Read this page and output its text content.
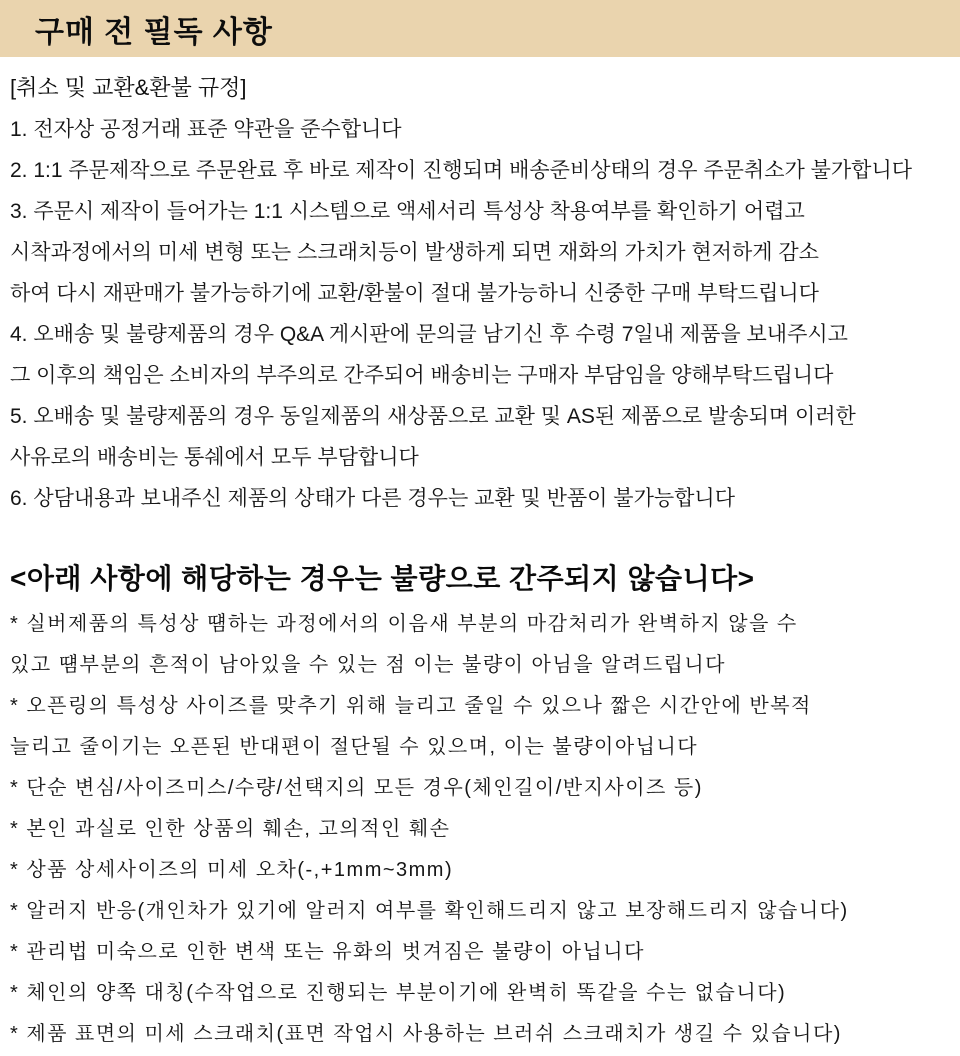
구매 전 필독 사항
[취소 및 교환&환불 규정]
1. 전자상 공정거래 표준 약관을 준수합니다
2. 1:1 주문제작으로 주문완료 후 바로 제작이 진행되며 배송준비상태의 경우 주문취소가 불가합니다
3. 주문시 제작이 들어가는 1:1 시스템으로 액세서리 특성상 착용여부를 확인하기 어렵고
시착과정에서의 미세 변형 또는 스크래치등이 발생하게 되면 재화의 가치가 현저하게 감소
하여 다시 재판매가 불가능하기에 교환/환불이 절대 불가능하니 신중한 구매 부탁드립니다
4. 오배송 및 불량제품의 경우 Q&A 게시판에 문의글 남기신 후 수령 7일내 제품을 보내주시고
그 이후의 책임은 소비자의 부주의로 간주되어 배송비는 구매자 부담임을 양해부탁드립니다
5. 오배송 및 불량제품의 경우 동일제품의 새상품으로 교환 및 AS된 제품으로 발송되며 이러한
사유로의 배송비는 통쉐에서 모두 부담합니다
6. 상담내용과 보내주신 제품의 상태가 다른 경우는 교환 및 반품이 불가능합니다
<아래 사항에 해당하는 경우는 불량으로 간주되지 않습니다>
* 실버제품의 특성상 떔하는 과정에서의 이음새 부분의 마감처리가 완벽하지 않을 수
있고 떔부분의 흔적이 남아있을 수 있는 점 이는 불량이 아님을 알려드립니다
* 오픈링의 특성상 사이즈를 맞추기 위해 늘리고 줄일 수 있으나 짧은 시간안에 반복적
늘리고 줄이기는 오픈된 반대편이 절단될 수 있으며, 이는 불량이아닙니다
* 단순 변심/사이즈미스/수량/선택지의 모든 경우(체인길이/반지사이즈 등)
* 본인 과실로 인한 상품의 훼손, 고의적인 훼손
* 상품 상세사이즈의 미세 오차(-,+1mm~3mm)
* 알러지 반응(개인차가 있기에 알러지 여부를 확인해드리지 않고 보장해드리지 않습니다)
* 관리법 미숙으로 인한 변색 또는 유화의 벗겨짐은 불량이 아닙니다
* 체인의 양쪽 대칭(수작업으로 진행되는 부분이기에 완벽히 똑같을 수는 없습니다)
* 제품 표면의 미세 스크래치(표면 작업시 사용하는 브러쉬 스크래치가 생길 수 있습니다)
